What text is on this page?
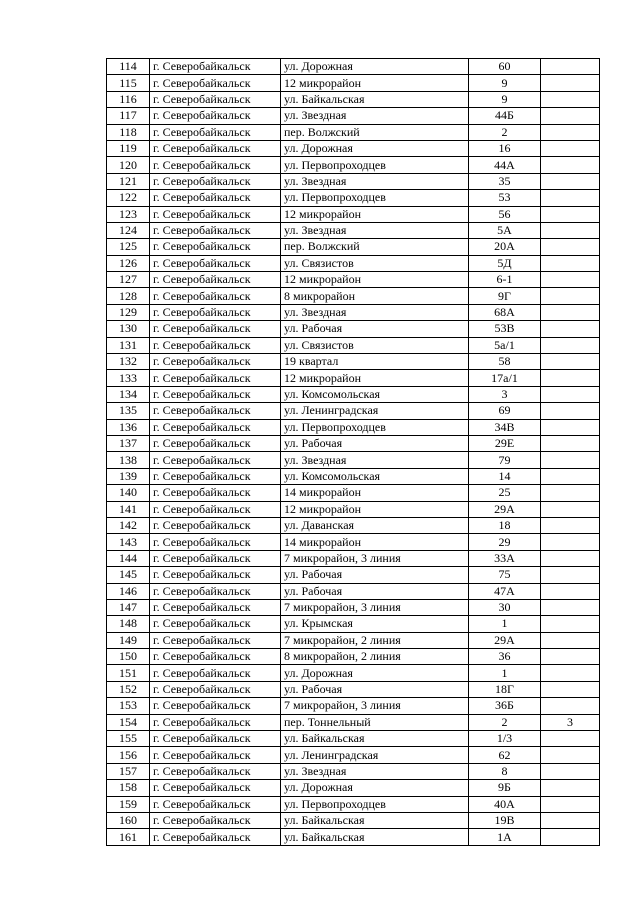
114	г. Северобайкальск	ул. Дорожная	60	
115	г. Северобайкальск	12 микрорайон	9	
116	г. Северобайкальск	ул. Байкальская	9	
117	г. Северобайкальск	ул. Звездная	44Б	
118	г. Северобайкальск	пер. Волжский	2	
119	г. Северобайкальск	ул. Дорожная	16	
120	г. Северобайкальск	ул. Первопроходцев	44А	
121	г. Северобайкальск	ул. Звездная	35	
122	г. Северобайкальск	ул. Первопроходцев	53	
123	г. Северобайкальск	12 микрорайон	56	
124	г. Северобайкальск	ул. Звездная	5А	
125	г. Северобайкальск	пер. Волжский	20А	
126	г. Северобайкальск	ул. Связистов	5Д	
127	г. Северобайкальск	12 микрорайон	6-1	
128	г. Северобайкальск	8 микрорайон	9Г	
129	г. Северобайкальск	ул. Звездная	68А	
130	г. Северобайкальск	ул. Рабочая	53В	
131	г. Северобайкальск	ул. Связистов	5а/1	
132	г. Северобайкальск	19 квартал	58	
133	г. Северобайкальск	12 микрорайон	17а/1	
134	г. Северобайкальск	ул. Комсомольская	3	
135	г. Северобайкальск	ул. Ленинградская	69	
136	г. Северобайкальск	ул. Первопроходцев	34В	
137	г. Северобайкальск	ул. Рабочая	29Е	
138	г. Северобайкальск	ул. Звездная	79	
139	г. Северобайкальск	ул. Комсомольская	14	
140	г. Северобайкальск	14 микрорайон	25	
141	г. Северобайкальск	12 микрорайон	29А	
142	г. Северобайкальск	ул. Даванская	18	
143	г. Северобайкальск	14 микрорайон	29	
144	г. Северобайкальск	7 микрорайон, 3 линия	33А	
145	г. Северобайкальск	ул. Рабочая	75	
146	г. Северобайкальск	ул. Рабочая	47А	
147	г. Северобайкальск	7 микрорайон, 3 линия	30	
148	г. Северобайкальск	ул. Крымская	1	
149	г. Северобайкальск	7 микрорайон, 2 линия	29А	
150	г. Северобайкальск	8 микрорайон, 2 линия	36	
151	г. Северобайкальск	ул. Дорожная	1	
152	г. Северобайкальск	ул. Рабочая	18Г	
153	г. Северобайкальск	7 микрорайон, 3 линия	36Б	
154	г. Северобайкальск	пер. Тоннельный	2	3
155	г. Северобайкальск	ул. Байкальская	1/3	
156	г. Северобайкальск	ул. Ленинградская	62	
157	г. Северобайкальск	ул. Звездная	8	
158	г. Северобайкальск	ул. Дорожная	9Б	
159	г. Северобайкальск	ул. Первопроходцев	40А	
160	г. Северобайкальск	ул. Байкальская	19В	
161	г. Северобайкальск	ул. Байкальская	1А	
